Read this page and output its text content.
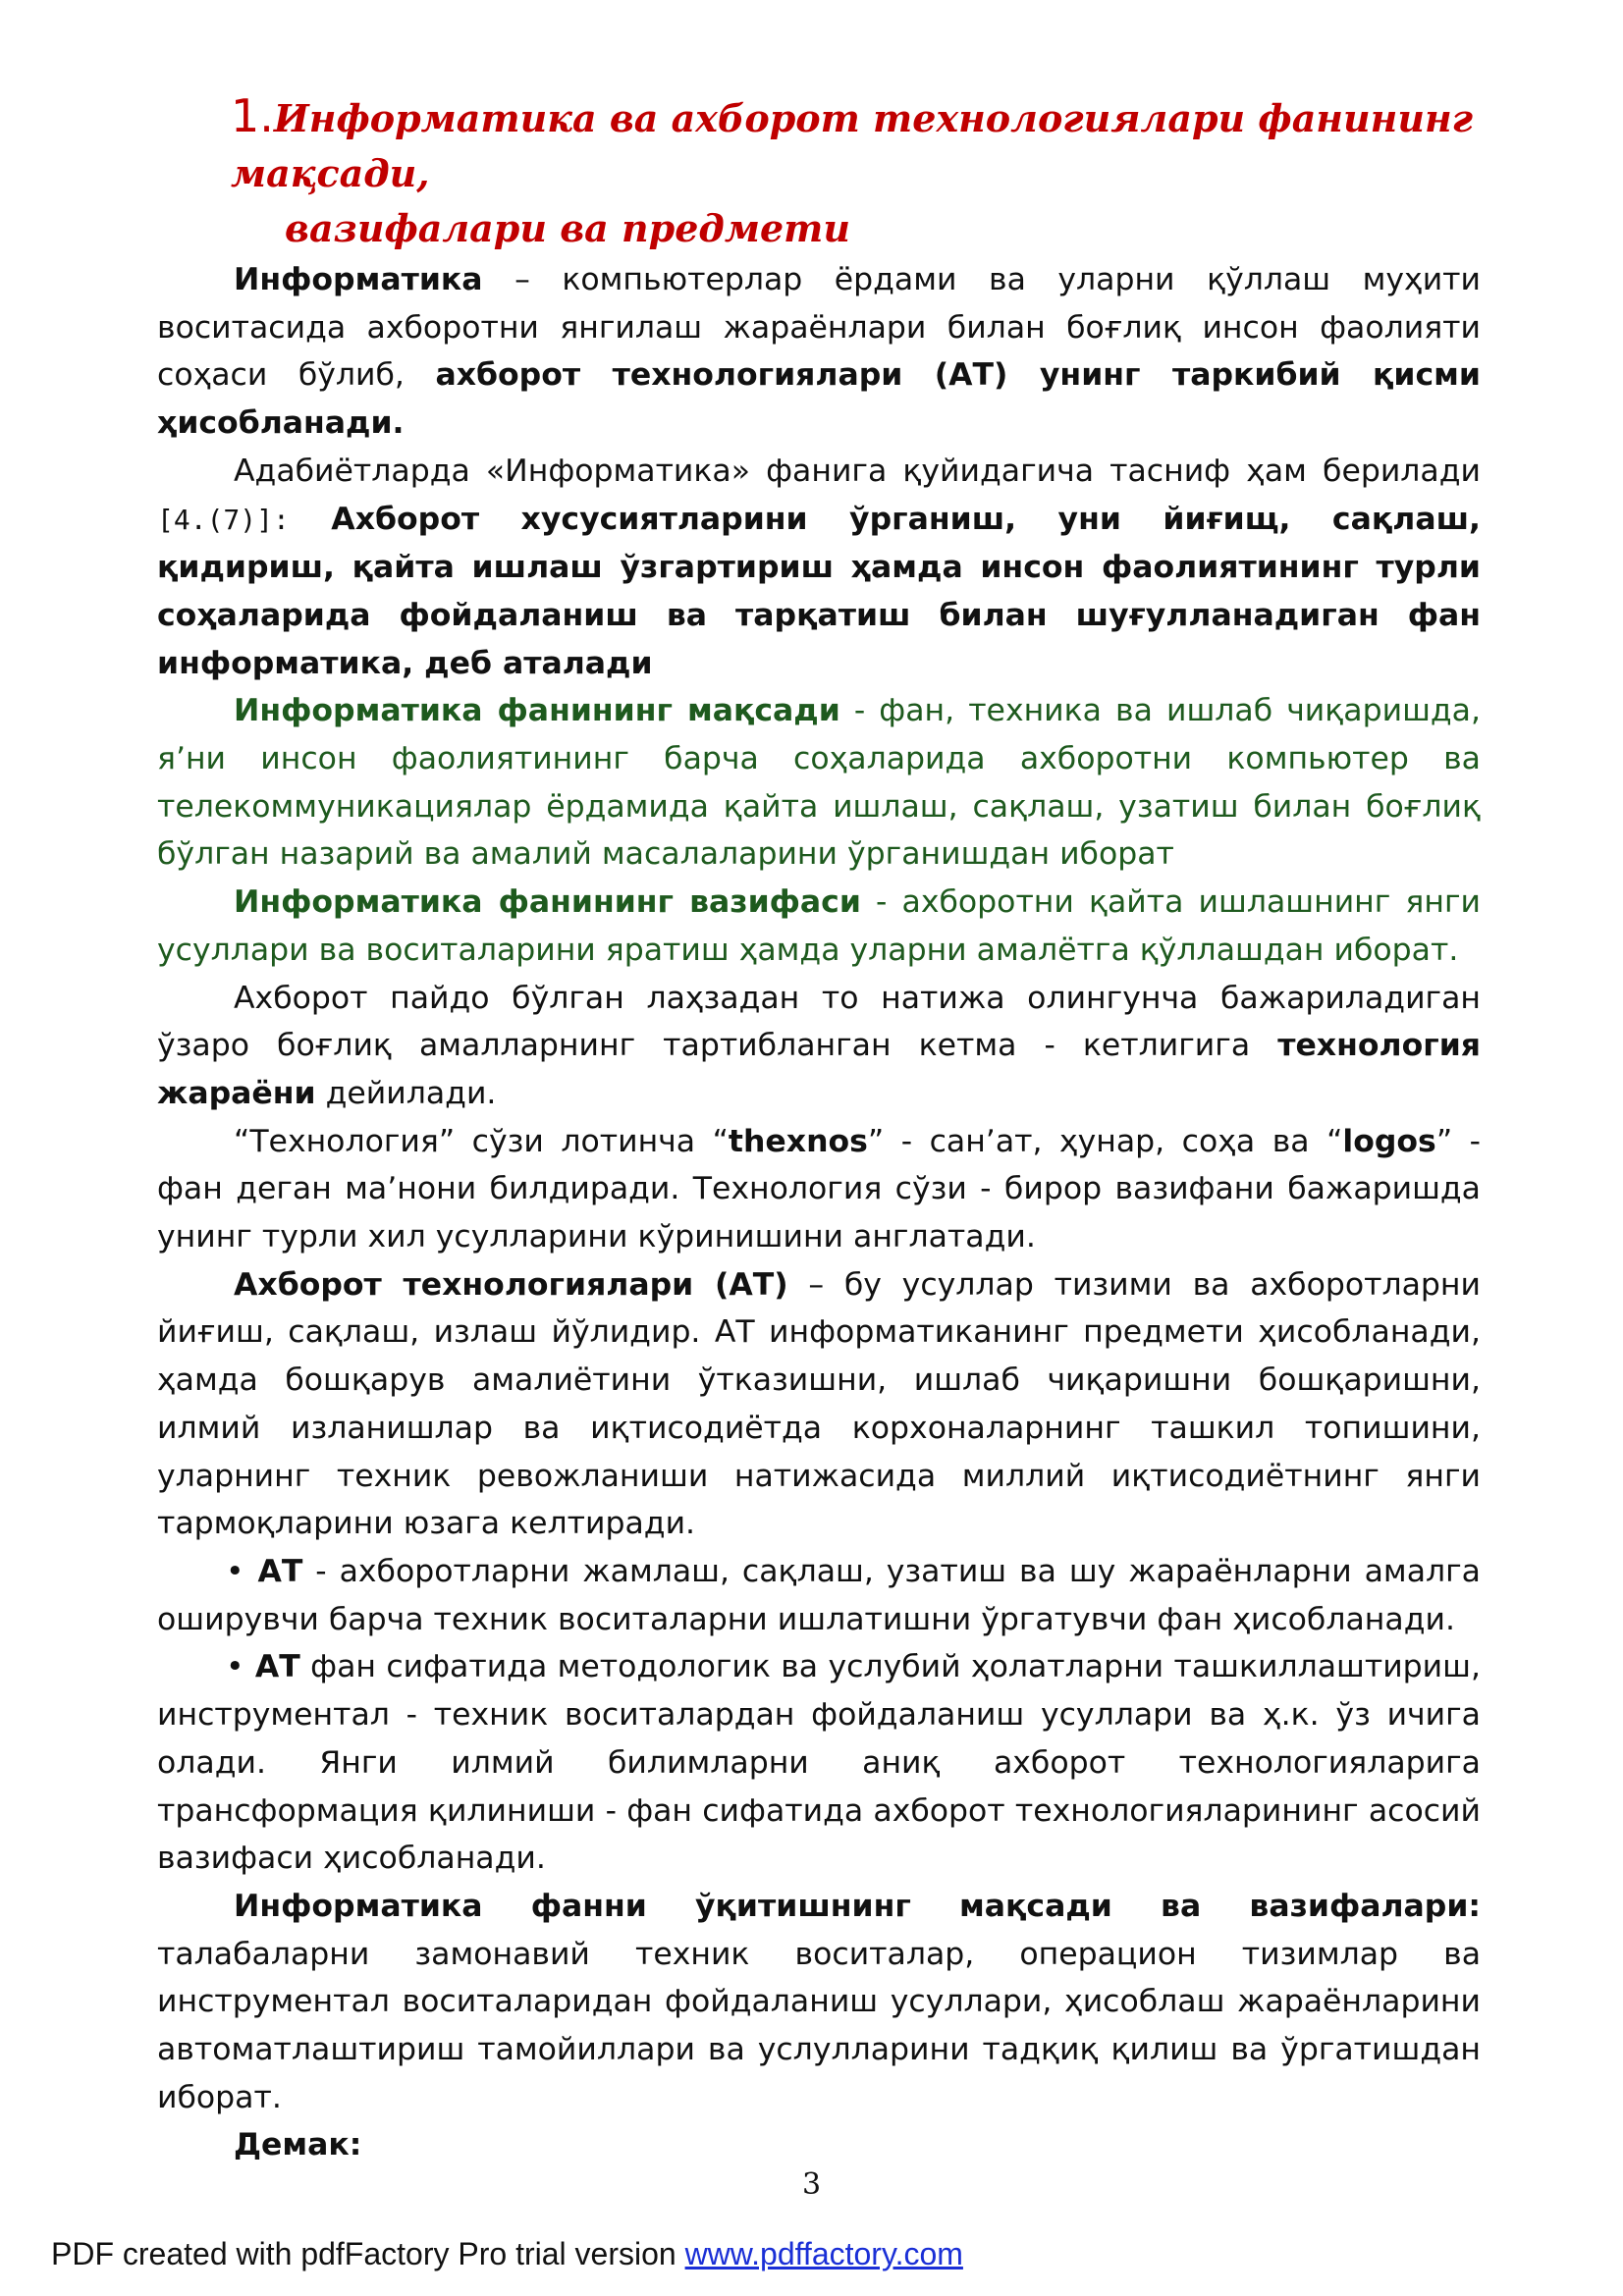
1.Информатика ва ахборот технологиялари фанининг мақсади,
вазифалари ва предмети

Информатика – компьютерлар ёрдами ва уларни қўллаш муҳити воситасида ахборотни янгилаш жараёнлари билан боғлиқ инсон фаолияти соҳаси бўлиб, ахборот технологиялари (АТ) унинг таркибий қисми ҳисобланади.

Адабиётларда «Информатика» фанига қуйидагича тасниф ҳам берилади [4.(7)]: Ахборот хусусиятларини ўрганиш, уни йиғищ, сақлаш, қидириш, қайта ишлаш ўзгартириш ҳамда инсон фаолиятининг турли соҳаларида фойдаланиш ва тарқатиш билан шуғулланадиган фан информатика, деб аталади

Информатика фанининг мақсади - фан, техника ва ишлаб чиқаришда, я’ни инсон фаолиятининг барча соҳаларида ахборотни компьютер ва телекоммуникациялар ёрдамида қайта ишлаш, сақлаш, узатиш билан боғлиқ бўлган назарий ва амалий масалаларини ўрганишдан иборат

Информатика фанининг вазифаси - ахборотни қайта ишлашнинг янги усуллари ва воситаларини яратиш ҳамда уларни амалётга қўллашдан иборат.

Ахборот пайдо бўлган лаҳзадан то натижа олингунча бажариладиган ўзаро боғлиқ амалларнинг тартибланган кетма - кетлигига технология жараёни дейилади.

“Технология” сўзи лотинча “thexnos” - сан’ат, ҳунар, соҳа ва “logos” - фан деган ма’нони билдиради. Технология сўзи - бирор вазифани бажаришда унинг турли хил усулларини кўринишини англатади.

Ахборот технологиялари (АТ) – бу усуллар тизими ва ахборотларни йиғиш, сақлаш, излаш йўлидир. АТ информатиканинг предмети ҳисобланади, ҳамда бошқарув амалиётини ўтказишни, ишлаб чиқаришни бошқаришни, илмий изланишлар ва иқтисодиётда корхоналарнинг ташкил топишини, уларнинг техник ревожланиши натижасида миллий иқтисодиётнинг янги тармоқларини юзага келтиради.

• АТ - ахборотларни жамлаш, сақлаш, узатиш ва шу жараёнларни амалга оширувчи барча техник воситаларни ишлатишни ўргатувчи фан ҳисобланади.

• АТ фан сифатида методологик ва услубий ҳолатларни ташкиллаштириш, инструментал - техник воситалардан фойдаланиш усуллари ва ҳ.к. ўз ичига олади. Янги илмий билимларни аниқ ахборот технологияларига трансформация қилиниши - фан сифатида ахборот технологияларининг асосий вазифаси ҳисобланади.

Информатика фанни ўқитишнинг мақсади ва вазифалари: талабаларни замонавий техник воситалар, операцион тизимлар ва инструментал воситаларидан фойдаланиш усуллари, ҳисоблаш жараёнларини автоматлаштириш тамойиллари ва услулларини тадқиқ қилиш ва ўргатишдан иборат.

Демак:

3
PDF created with pdfFactory Pro trial version www.pdffactory.com
